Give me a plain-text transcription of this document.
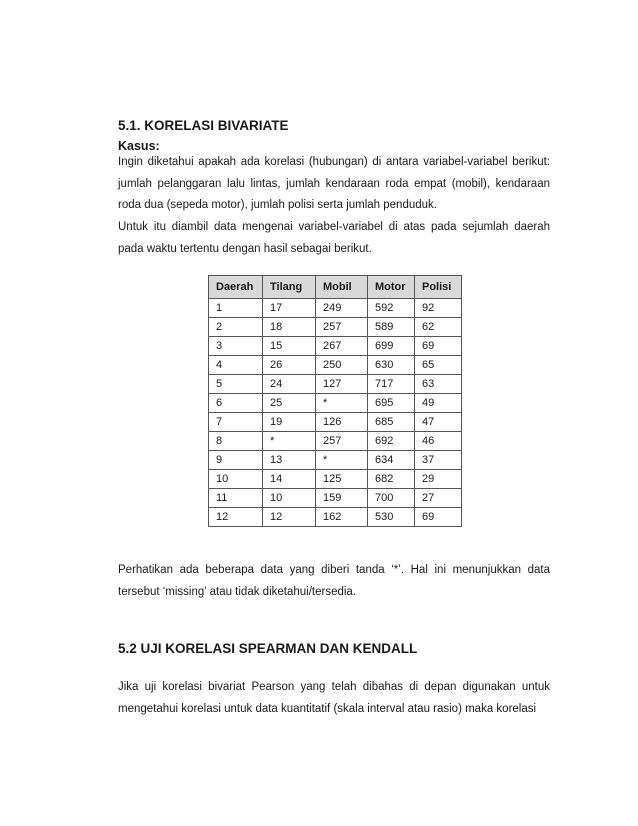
5.1. KORELASI BIVARIATE
Kasus:
Ingin diketahui apakah ada korelasi (hubungan) di antara variabel-variabel berikut: jumlah pelanggaran lalu lintas, jumlah kendaraan roda empat (mobil), kendaraan roda dua (sepeda motor), jumlah polisi serta jumlah penduduk.
Untuk itu diambil data mengenai variabel-variabel di atas pada sejumlah daerah pada waktu tertentu dengan hasil sebagai berikut.
Daerah	Tilang	Mobil	Motor	Polisi
1	17	249	592	92
2	18	257	589	62
3	15	267	699	69
4	26	250	630	65
5	24	127	717	63
6	25	*	695	49
7	19	126	685	47
8	*	257	692	46
9	13	*	634	37
10	14	125	682	29
11	10	159	700	27
12	12	162	530	69
Perhatikan ada beberapa data yang diberi tanda ‘*’. Hal ini menunjukkan data tersebut ‘missing’ atau tidak diketahui/tersedia.
5.2 UJI KORELASI SPEARMAN DAN KENDALL
Jika uji korelasi bivariat Pearson yang telah dibahas di depan digunakan untuk mengetahui korelasi untuk data kuantitatif (skala interval atau rasio) maka korelasi
